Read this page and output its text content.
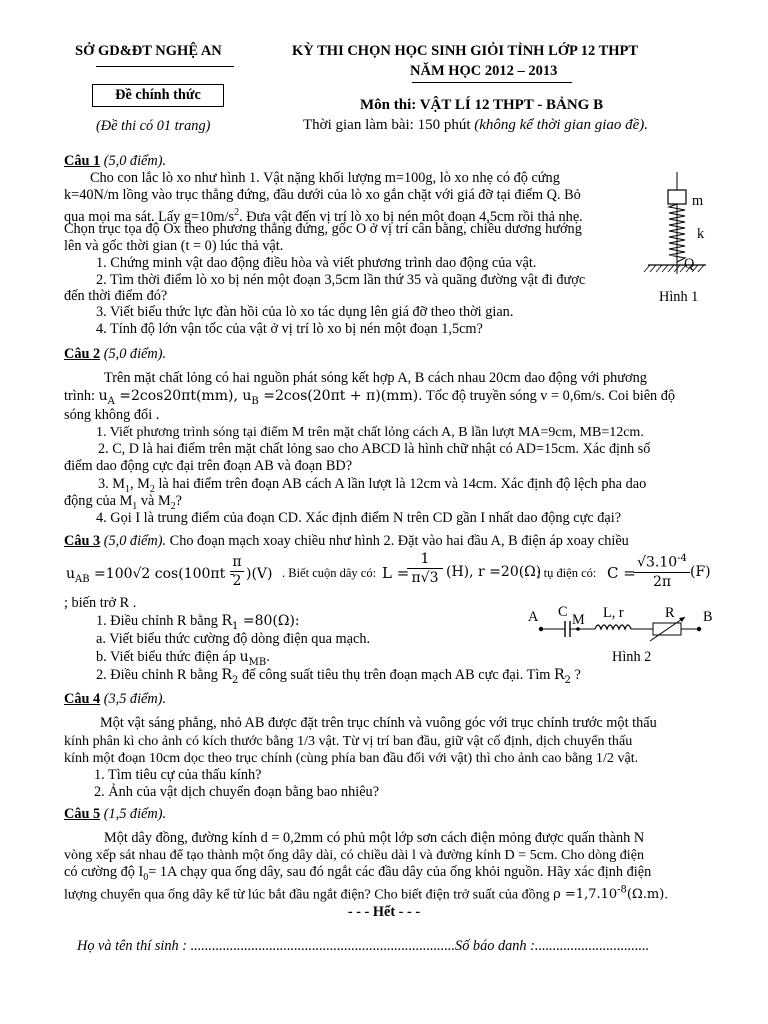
SỞ GD&ĐT NGHỆ AN
Đề chính thức
(Đề thi có 01 trang)
KỲ THI CHỌN HỌC SINH GIỎI TỈNH LỚP 12 THPT
NĂM HỌC 2012 – 2013
Môn thi: VẬT LÍ 12 THPT - BẢNG B
Thời gian làm bài: 150 phút (không kể thời gian giao đề).
Câu 1 (5,0 điểm).
Cho con lắc lò xo như hình 1. Vật nặng khối lượng m=100g, lò xo nhẹ có độ cứng
k=40N/m lồng vào trục thẳng đứng, đầu dưới của lò xo gắn chặt với giá đỡ tại điểm Q. Bỏ
qua mọi ma sát. Lấy $g=10m/s^2$. Đưa vật đến vị trí lò xo bị nén một đoạn 4,5cm rồi thả nhẹ.
Chọn trục tọa độ Ox theo phương thẳng đứng, gốc O ở vị trí cân bằng, chiều dương hướng
lên và gốc thời gian (t = 0) lúc thả vật.
1. Chứng minh vật dao động điều hòa và viết phương trình dao động của vật.
2. Tìm thời điểm lò xo bị nén một đoạn 3,5cm lần thứ 35 và quãng đường vật đi được
đến thời điểm đó?
3. Viết biểu thức lực đàn hồi của lò xo tác dụng lên giá đỡ theo thời gian.
4. Tính độ lớn vận tốc của vật ở vị trí lò xo bị nén một đoạn 1,5cm?
m
k
Q
Hình 1
Câu 2 (5,0 điểm).
Trên mặt chất lỏng có hai nguồn phát sóng kết hợp A, B cách nhau 20cm dao động với phương
trình: $u_A =2\cos 20\pi t(mm)$, $u_B =2\cos(20\pi t + \pi)(mm)$. Tốc độ truyền sóng v = 0,6m/s. Coi biên độ
sóng không đổi .
1. Viết phương trình sóng tại điểm M trên mặt chất lỏng cách A, B lần lượt MA=9cm, MB=12cm.
2. C, D là hai điểm trên mặt chất lỏng sao cho ABCD là hình chữ nhật có AD=15cm. Xác định số
điểm dao động cực đại trên đoạn AB và đoạn BD?
3. $M_1$, $M_2$ là hai điểm trên đoạn AB cách A lần lượt là 12cm và 14cm. Xác định độ lệch pha dao
động của $M_1$ và $M_2$?
4. Gọi I là trung điểm của đoạn CD. Xác định điểm N trên CD gần I nhất dao động cực đại?
Câu 3 (5,0 điểm). Cho đoạn mạch xoay chiều như hình 2. Đặt vào hai đầu A, B điện áp xoay chiều
$u_{AB} =100√2$ cos(100πt -
π
2 )(V) . Biết cuộn dây có: L =
$\frac{1}{\pi√3} (H)$, r =20(Ω)
; tụ điện có: C =
$√3.10^{-4}$
2π
(F)
; biến trở R .
1. Điều chỉnh R bằng $R_1 =80(\Omega)$:
a. Viết biểu thức cường độ dòng điện qua mạch.
b. Viết biểu thức điện áp $u_{MB}$.
2. Điều chỉnh R bằng $R_2$ để công suất tiêu thụ trên đoạn mạch AB cực đại. Tìm $R_2$ ?
A C M L, r	R B
Hình 2
Câu 4 (3,5 điểm).
Một vật sáng phẳng, nhỏ AB được đặt trên trục chính và vuông góc với trục chính trước một thấu
kính phân kì cho ảnh có kích thước bằng 1/3 vật. Từ vị trí ban đầu, giữ vật cố định, dịch chuyển thấu
kính một đoạn 10cm dọc theo trục chính (cùng phía ban đầu đối với vật) thì cho ảnh cao bằng 1/2 vật.
1. Tìm tiêu cự của thấu kính?
2. Ảnh của vật dịch chuyển đoạn bằng bao nhiêu?
Câu 5 (1,5 điểm).
Một dây đồng, đường kính d = 0,2mm có phủ một lớp sơn cách điện mỏng được quấn thành N
vòng xếp sát nhau để tạo thành một ống dây dài, có chiều dài l và đường kính D = 5cm. Cho dòng điện
có cường độ $I_0= 1A$ chạy qua ống dây, sau đó ngắt các đầu dây của ống khỏi nguồn. Hãy xác định điện
lượng chuyển qua ống dây kể từ lúc bắt đầu ngắt điện? Cho biết điện trở suất của đồng $\rho =1,7.10^{-8}(\Omega.m)$.
- - - Hết - - -
Họ và tên thí sinh : ..........................................................................Số báo danh :................................
